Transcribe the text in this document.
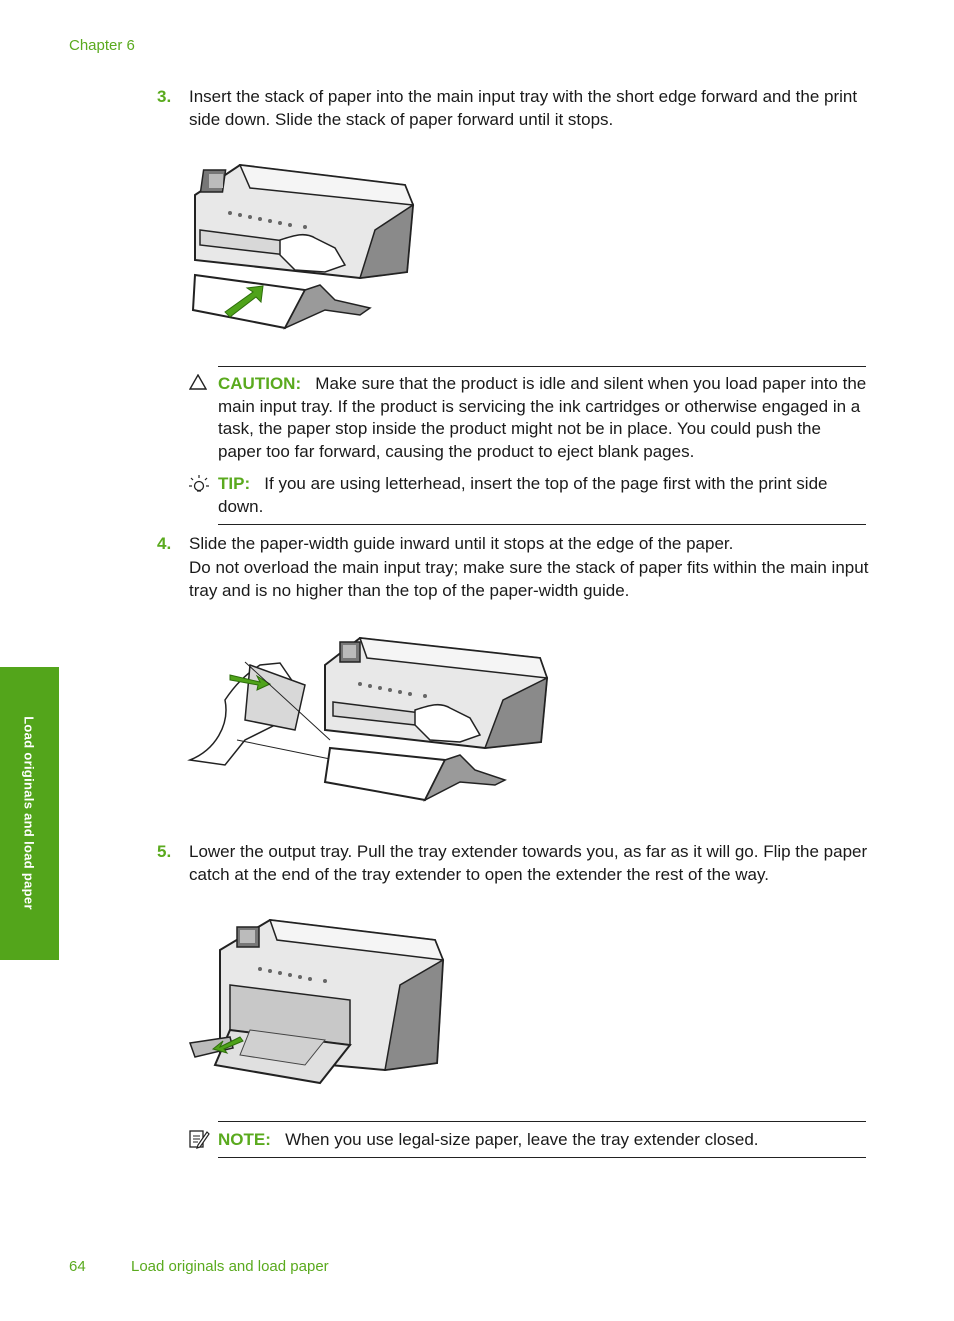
Chapter 6
3. Insert the stack of paper into the main input tray with the short edge forward and the print side down. Slide the stack of paper forward until it stops.
CAUTION: Make sure that the product is idle and silent when you load paper into the main input tray. If the product is servicing the ink cartridges or otherwise engaged in a task, the paper stop inside the product might not be in place. You could push the paper too far forward, causing the product to eject blank pages.
TIP: If you are using letterhead, insert the top of the page first with the print side down.
4. Slide the paper-width guide inward until it stops at the edge of the paper.
Do not overload the main input tray; make sure the stack of paper fits within the main input tray and is no higher than the top of the paper-width guide.
5. Lower the output tray. Pull the tray extender towards you, as far as it will go. Flip the paper catch at the end of the tray extender to open the extender the rest of the way.
NOTE: When you use legal-size paper, leave the tray extender closed.
Load originals and load paper
64	Load originals and load paper
